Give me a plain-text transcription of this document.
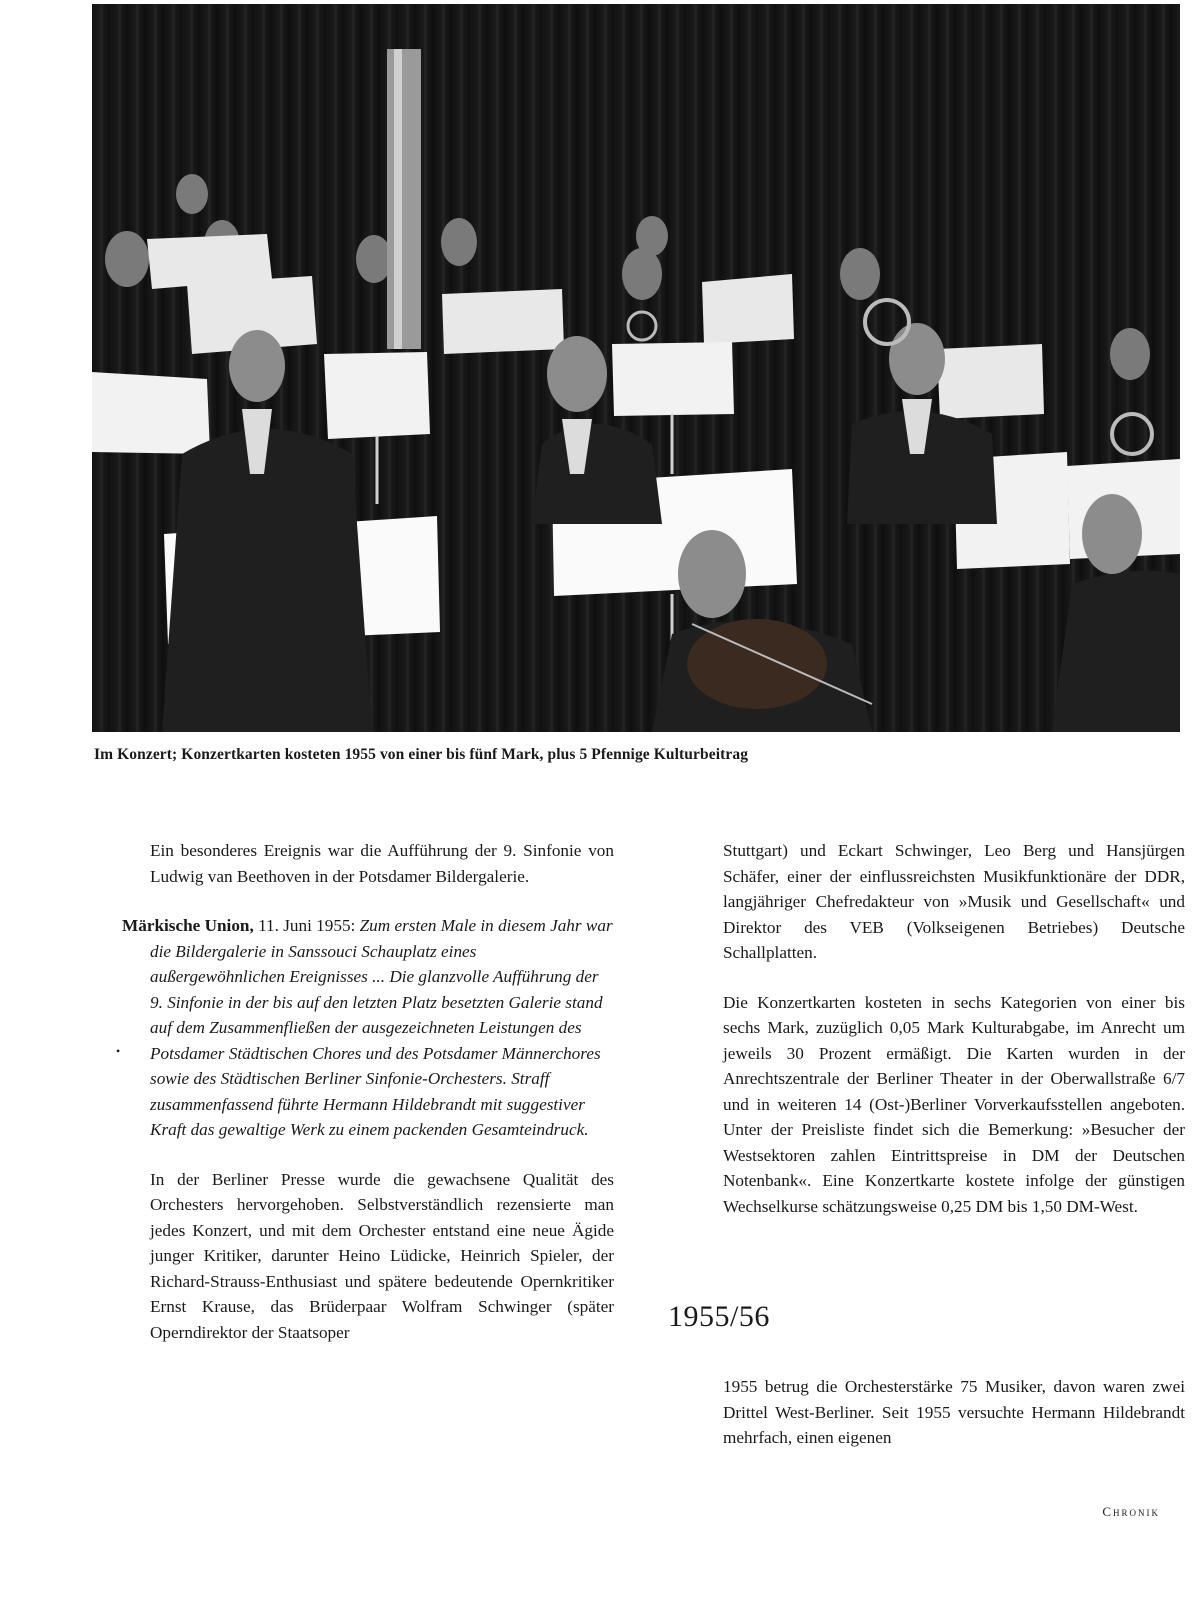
Im Konzert; Konzertkarten kosteten 1955 von einer bis fünf Mark, plus 5 Pfennige Kulturbeitrag

Ein besonderes Ereignis war die Aufführung der 9. Sinfonie von Ludwig van Beethoven in der Potsdamer Bildergalerie.

Märkische Union, 11. Juni 1955: Zum ersten Male in diesem Jahr war die Bildergalerie in Sanssouci Schauplatz eines außergewöhnlichen Ereignisses ... Die glanzvolle Aufführung der 9. Sinfonie in der bis auf den letzten Platz besetzten Galerie stand auf dem Zusammenfließen der ausgezeichneten Leistungen des Potsdamer Städtischen Chores und des Potsdamer Männerchores sowie des Städtischen Berliner Sinfonie-Orchesters. Straff zusammenfassend führte Hermann Hildebrandt mit suggestiver Kraft das gewaltige Werk zu einem packenden Gesamteindruck.

In der Berliner Presse wurde die gewachsene Qualität des Orchesters hervorgehoben. Selbstverständlich rezensierte man jedes Konzert, und mit dem Orchester entstand eine neue Ägide junger Kritiker, darunter Heino Lüdicke, Heinrich Spieler, der Richard-Strauss-Enthusiast und spätere bedeutende Opernkritiker Ernst Krause, das Brüderpaar Wolfram Schwinger (später Operndirektor der Staatsoper

•

Stuttgart) und Eckart Schwinger, Leo Berg und Hansjürgen Schäfer, einer der einflussreichsten Musikfunktionäre der DDR, langjähriger Chefredakteur von »Musik und Gesellschaft« und Direktor des VEB (Volkseigenen Betriebes) Deutsche Schallplatten.

Die Konzertkarten kosteten in sechs Kategorien von einer bis sechs Mark, zuzüglich 0,05 Mark Kulturabgabe, im Anrecht um jeweils 30 Prozent ermäßigt. Die Karten wurden in der Anrechtszentrale der Berliner Theater in der Oberwallstraße 6/7 und in weiteren 14 (Ost-)Berliner Vorverkaufsstellen angeboten. Unter der Preisliste findet sich die Bemerkung: »Besucher der Westsektoren zahlen Eintrittspreise in DM der Deutschen Notenbank«. Eine Konzertkarte kostete infolge der günstigen Wechselkurse schätzungsweise 0,25 DM bis 1,50 DM-West.

1955/56

1955 betrug die Orchesterstärke 75 Musiker, davon waren zwei Drittel West-Berliner. Seit 1955 versuchte Hermann Hildebrandt mehrfach, einen eigenen

Chronik
